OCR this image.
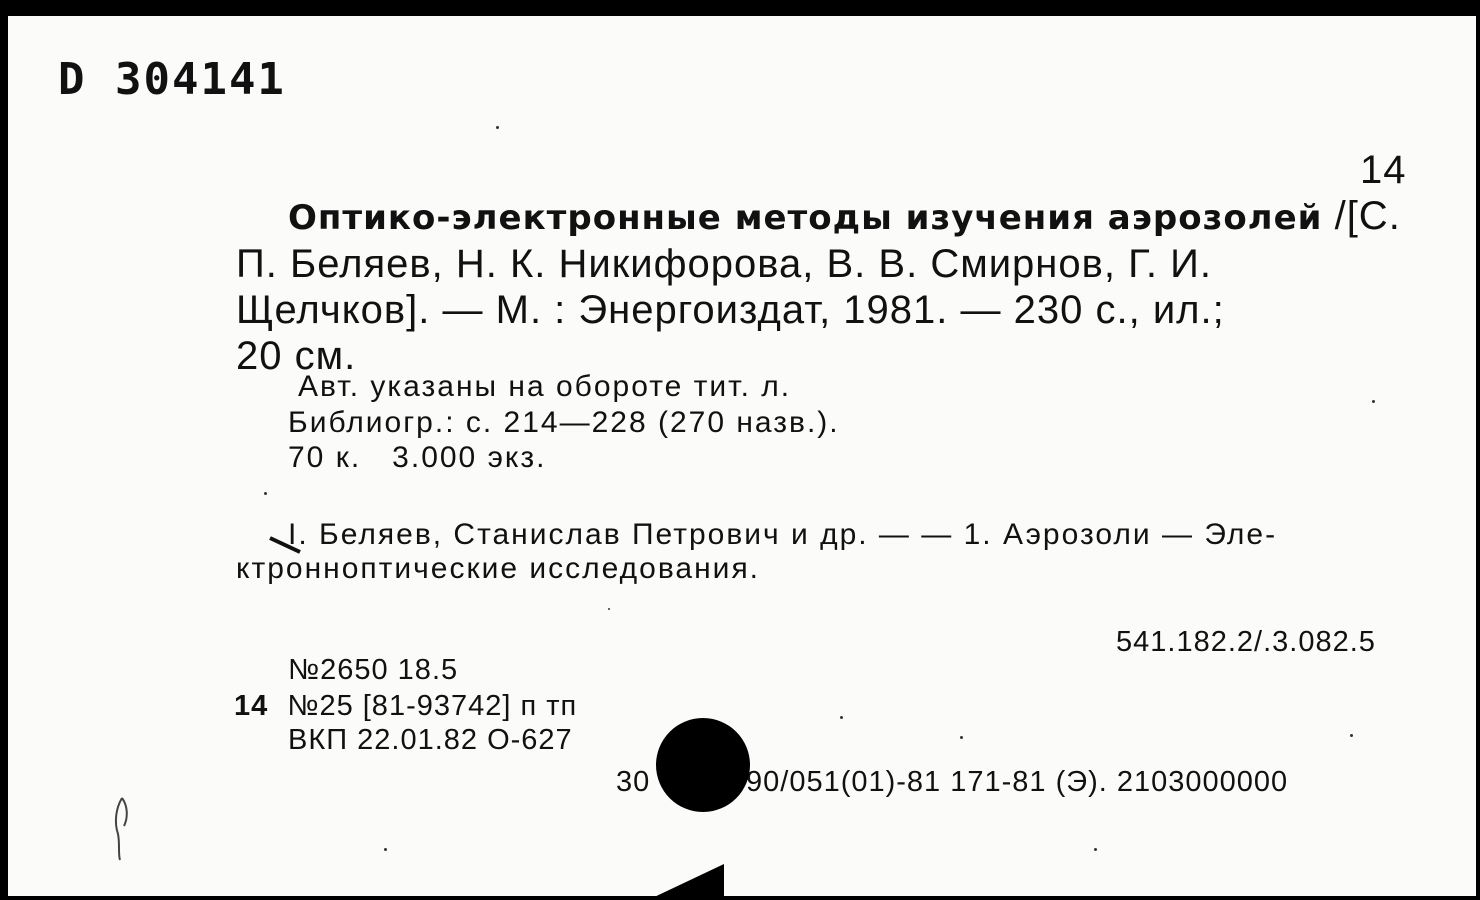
D 304141
14
Оптико-электронные методы изучения аэрозолей /[С.
П. Беляев, Н. К. Никифорова, В. В. Смирнов, Г. И.
Щелчков]. — М. : Энергоиздат, 1981. — 230 с., ил.;
20 см.
Авт. указаны на обороте тит. л.
Библиогр.: с. 214—228 (270 назв.).
70 к.   3.000 экз.
I. Беляев, Станислав Петрович и др. — — 1. Аэрозоли — Эле-
ктронноптические исследования.
541.182.2/.3.082.5
№2650 18.5
14 №25 [81-93742] п тп
ВКП 22.01.82 О-627
30	90/051(01)-81 171-81 (Э). 2103000000
